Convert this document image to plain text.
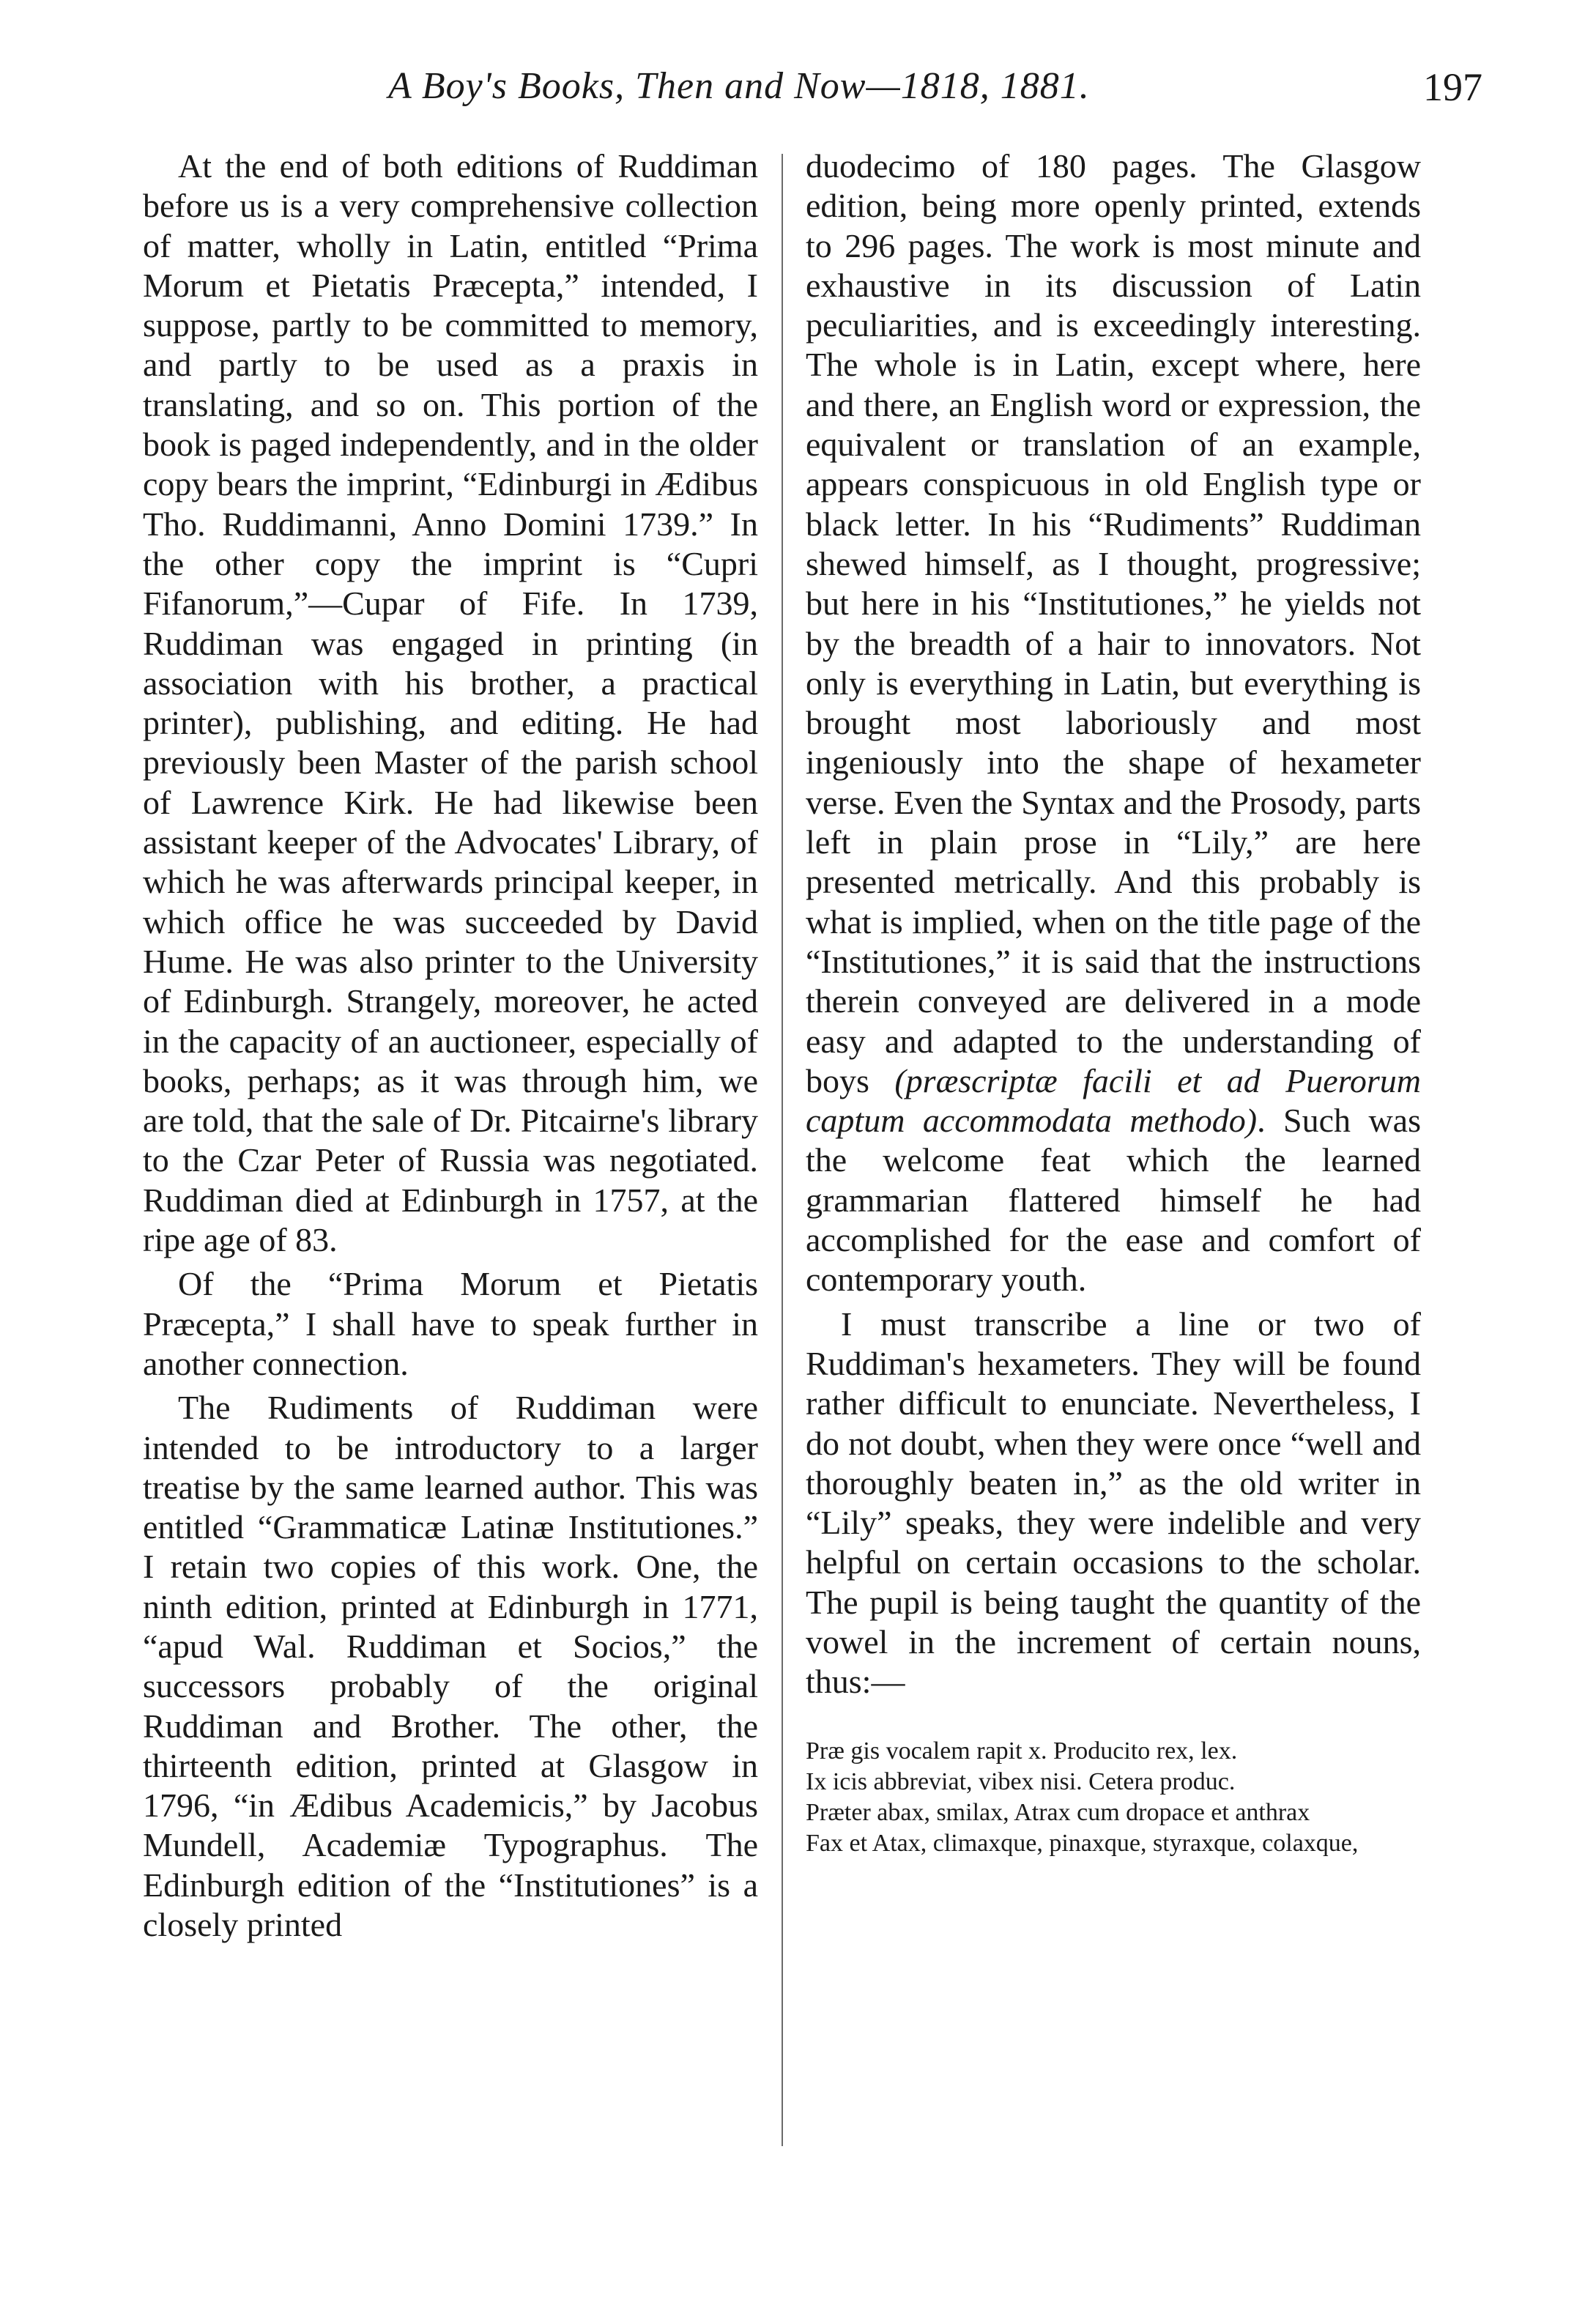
A Boy's Books, Then and Now—1818, 1881.	197

At the end of both editions of Ruddiman before us is a very comprehensive collection of matter, wholly in Latin, entitled “Prima Morum et Pietatis Præcepta,” intended, I suppose, partly to be committed to memory, and partly to be used as a praxis in translating, and so on. This portion of the book is paged independently, and in the older copy bears the imprint, “Edinburgi in Ædibus Tho. Ruddimanni, Anno Domini 1739.” In the other copy the imprint is “Cupri Fifanorum,”—Cupar of Fife. In 1739, Ruddiman was engaged in printing (in association with his brother, a practical printer), publishing, and editing. He had previously been Master of the parish school of Lawrence Kirk. He had likewise been assistant keeper of the Advocates' Library, of which he was afterwards principal keeper, in which office he was succeeded by David Hume. He was also printer to the University of Edinburgh. Strangely, moreover, he acted in the capacity of an auctioneer, especially of books, perhaps; as it was through him, we are told, that the sale of Dr. Pitcairne's library to the Czar Peter of Russia was negotiated. Ruddiman died at Edinburgh in 1757, at the ripe age of 83.

Of the “Prima Morum et Pietatis Præcepta,” I shall have to speak further in another connection.

The Rudiments of Ruddiman were intended to be introductory to a larger treatise by the same learned author. This was entitled “Grammaticæ Latinæ Institutiones.” I retain two copies of this work. One, the ninth edition, printed at Edinburgh in 1771, “apud Wal. Ruddiman et Socios,” the successors probably of the original Ruddiman and Brother. The other, the thirteenth edition, printed at Glasgow in 1796, “in Ædibus Academicis,” by Jacobus Mundell, Academiæ Typographus. The Edinburgh edition of the “Institutiones” is a closely printed

duodecimo of 180 pages. The Glasgow edition, being more openly printed, extends to 296 pages. The work is most minute and exhaustive in its discussion of Latin peculiarities, and is exceedingly interesting. The whole is in Latin, except where, here and there, an English word or expression, the equivalent or translation of an example, appears conspicuous in old English type or black letter. In his “Rudiments” Ruddiman shewed himself, as I thought, progressive; but here in his “Institutiones,” he yields not by the breadth of a hair to innovators. Not only is everything in Latin, but everything is brought most laboriously and most ingeniously into the shape of hexameter verse. Even the Syntax and the Prosody, parts left in plain prose in “Lily,” are here presented metrically. And this probably is what is implied, when on the title page of the “Institutiones,” it is said that the instructions therein conveyed are delivered in a mode easy and adapted to the understanding of boys (præscriptæ facili et ad Puerorum captum accommodata methodo). Such was the welcome feat which the learned grammarian flattered himself he had accomplished for the ease and comfort of contemporary youth.

I must transcribe a line or two of Ruddiman's hexameters. They will be found rather difficult to enunciate. Nevertheless, I do not doubt, when they were once “well and thoroughly beaten in,” as the old writer in “Lily” speaks, they were indelible and very helpful on certain occasions to the scholar. The pupil is being taught the quantity of the vowel in the increment of certain nouns, thus:—

Præ gis vocalem rapit x. Producito rex, lex.
Ix icis abbreviat, vibex nisi. Cetera produc.
Præter abax, smilax, Atrax cum dropace et anthrax
Fax et Atax, climaxque, pinaxque, styraxque, colaxque,
